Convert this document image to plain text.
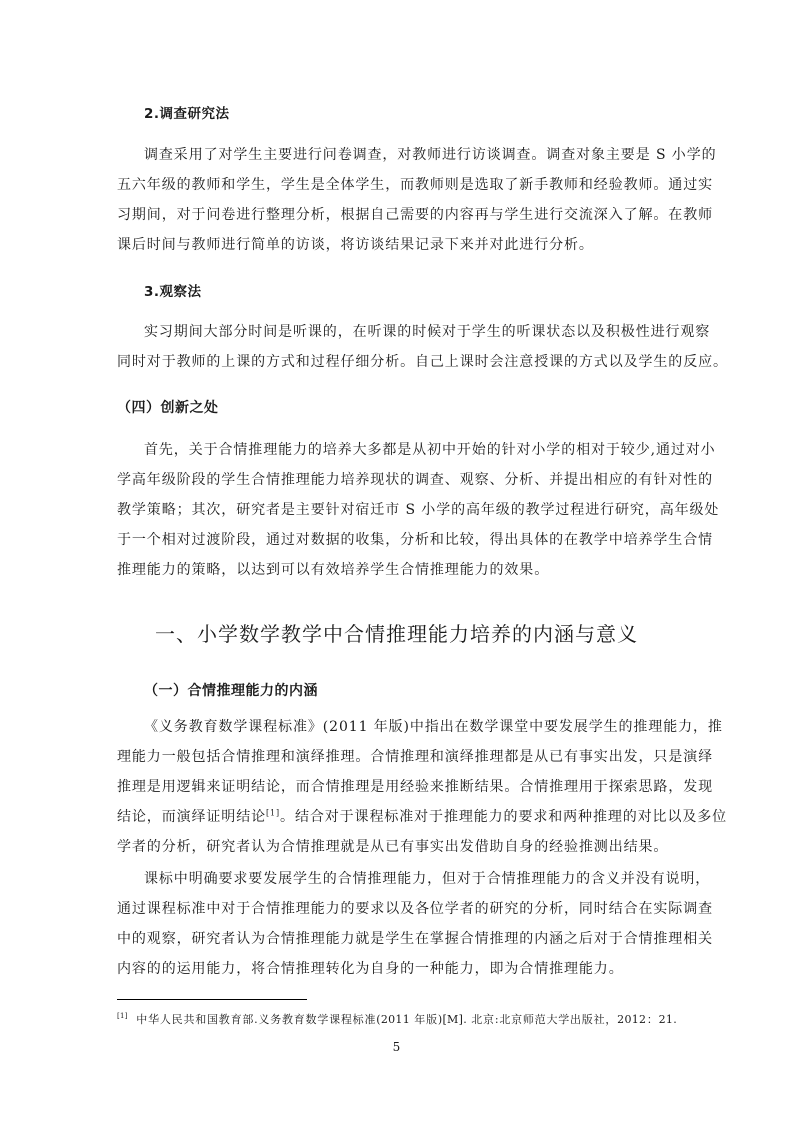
2.调查研究法
调查采用了对学生主要进行问卷调查，对教师进行访谈调查。调查对象主要是 S 小学的
五六年级的教师和学生，学生是全体学生，而教师则是选取了新手教师和经验教师。通过实
习期间，对于问卷进行整理分析，根据自己需要的内容再与学生进行交流深入了解。在教师
课后时间与教师进行简单的访谈，将访谈结果记录下来并对此进行分析。
3.观察法
实习期间大部分时间是听课的，在听课的时候对于学生的听课状态以及积极性进行观察
同时对于教师的上课的方式和过程仔细分析。自己上课时会注意授课的方式以及学生的反应。
（四）创新之处
首先，关于合情推理能力的培养大多都是从初中开始的针对小学的相对于较少,通过对小
学高年级阶段的学生合情推理能力培养现状的调查、观察、分析、并提出相应的有针对性的
教学策略；其次，研究者是主要针对宿迁市 S 小学的高年级的教学过程进行研究，高年级处
于一个相对过渡阶段，通过对数据的收集，分析和比较，得出具体的在教学中培养学生合情
推理能力的策略，以达到可以有效培养学生合情推理能力的效果。
一、小学数学教学中合情推理能力培养的内涵与意义
（一）合情推理能力的内涵
《义务教育数学课程标准》(2011 年版)中指出在数学课堂中要发展学生的推理能力，推
理能力一般包括合情推理和演绎推理。合情推理和演绎推理都是从已有事实出发，只是演绎
推理是用逻辑来证明结论，而合情推理是用经验来推断结果。合情推理用于探索思路，发现
结论，而演绎证明结论[1]。结合对于课程标准对于推理能力的要求和两种推理的对比以及多位
学者的分析，研究者认为合情推理就是从已有事实出发借助自身的经验推测出结果。
课标中明确要求要发展学生的合情推理能力，但对于合情推理能力的含义并没有说明，
通过课程标准中对于合情推理能力的要求以及各位学者的研究的分析，同时结合在实际调查
中的观察，研究者认为合情推理能力就是学生在掌握合情推理的内涵之后对于合情推理相关
内容的的运用能力，将合情推理转化为自身的一种能力，即为合情推理能力。
[1] 中华人民共和国教育部.义务教育数学课程标准(2011 年版)[M]. 北京:北京师范大学出版社，2012：21.
5
